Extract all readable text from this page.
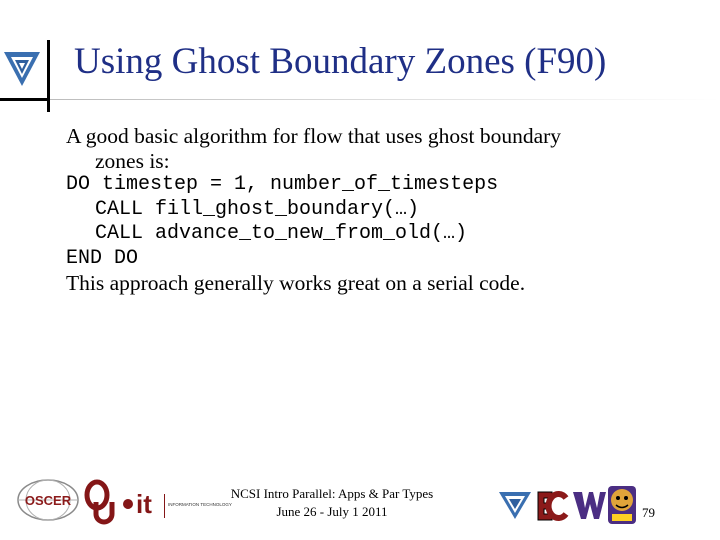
Using Ghost Boundary Zones (F90)
A good basic algorithm for flow that uses ghost boundary
zones is:
DO timestep = 1, number_of_timesteps
CALL fill_ghost_boundary(…)
CALL advance_to_new_from_old(…)
END DO
This approach generally works great on a serial code.
OSCER it	INFORMATION TECHNOLOGY
NCSI Intro Parallel: Apps & Par Types
June 26 - July 1 2011	79
